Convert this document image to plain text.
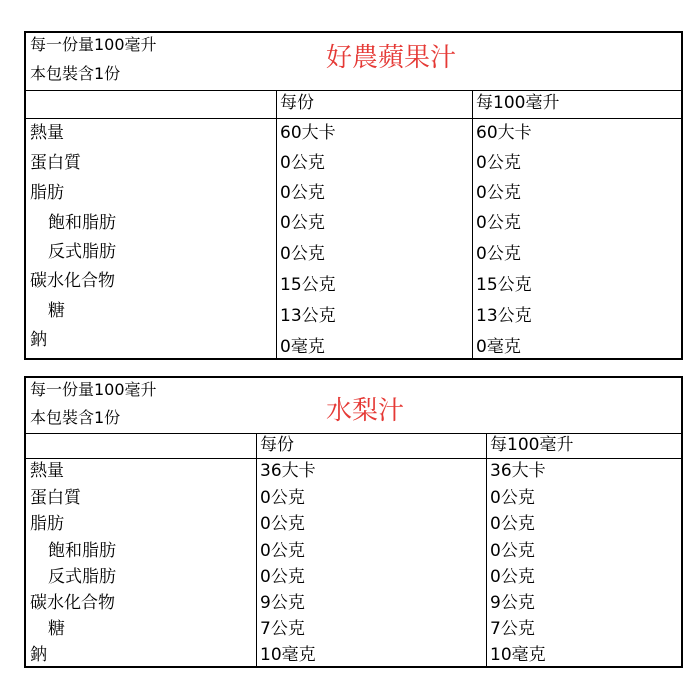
每一份量100毫升
本包裝含1份
好農蘋果汁
每份	每100毫升
熱量	60大卡	60大卡
蛋白質	0公克	0公克
脂肪	0公克	0公克
飽和脂肪	0公克	0公克
反式脂肪	0公克	0公克
碳水化合物	15公克	15公克
糖	13公克	13公克
鈉	0毫克	0毫克
每一份量100毫升
本包裝含1份	水梨汁
每份	每100毫升
熱量	36大卡	36大卡
蛋白質	0公克	0公克
脂肪	0公克	0公克
飽和脂肪	0公克	0公克
反式脂肪	0公克	0公克
碳水化合物	9公克	9公克
糖	7公克	7公克
鈉	10毫克	10毫克
